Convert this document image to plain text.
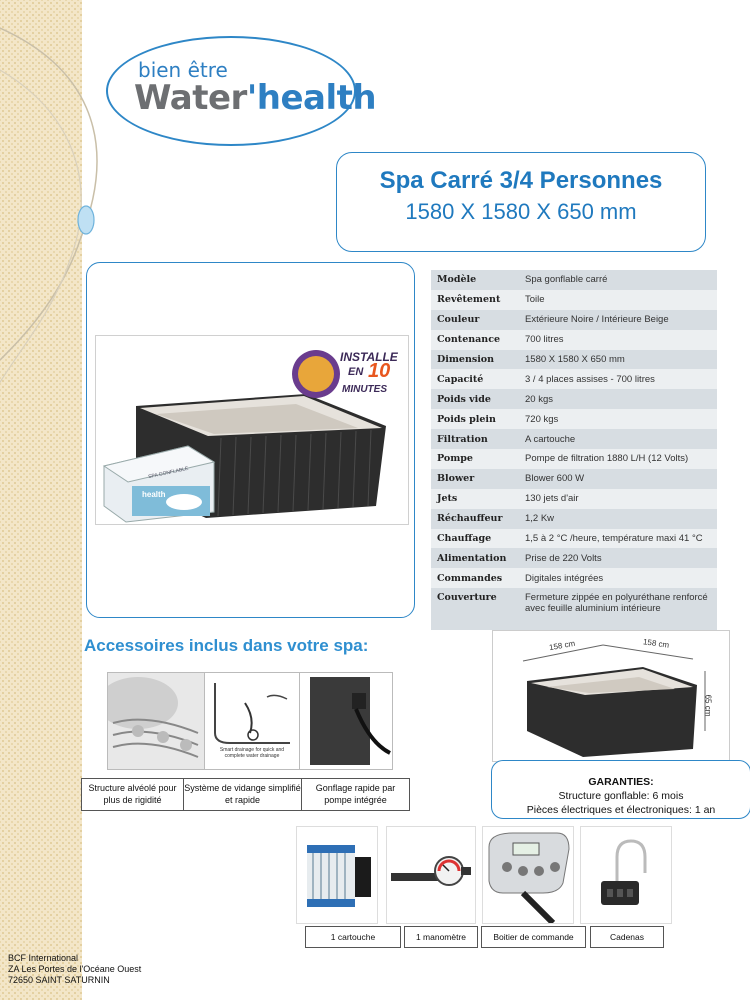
bien être
Water'health
Spa Carré 3/4 Personnes
1580 X 1580 X 650 mm
INSTALLE
EN 10
MINUTES
SPA GONFLABLE
health
Modèle	Spa gonflable carré
Revêtement	Toile
Couleur	Extérieure Noire / Intérieure Beige
Contenance	700 litres
Dimension	1580 X 1580 X 650 mm
Capacité	3 / 4 places assises - 700 litres
Poids vide	20 kgs
Poids plein	720 kgs
Filtration	A cartouche
Pompe	Pompe de filtration 1880 L/H (12 Volts)
Blower	Blower 600 W
Jets	130 jets d'air
Réchauffeur	1,2 Kw
Chauffage	1,5 à 2 °C /heure, température maxi 41 °C
Alimentation	Prise de 220 Volts
Commandes	Digitales intégrées
Couverture	Fermeture zippée en polyuréthane renforcé avec feuille aluminium intérieure
Accessoires inclus dans votre spa:
Smart drainage for quick and complete water drainage
Structure alvéolé pour plus de rigidité
Système de vidange simplifié et rapide
Gonflage rapide par pompe intégrée
158 cm	158 cm
65 cm
GARANTIES:
Structure gonflable: 6 mois
Pièces électriques et électroniques: 1 an
1 cartouche	1 manomètre	Boitier de commande	Cadenas
BCF International
ZA Les Portes de l'Océane Ouest
72650 SAINT SATURNIN
